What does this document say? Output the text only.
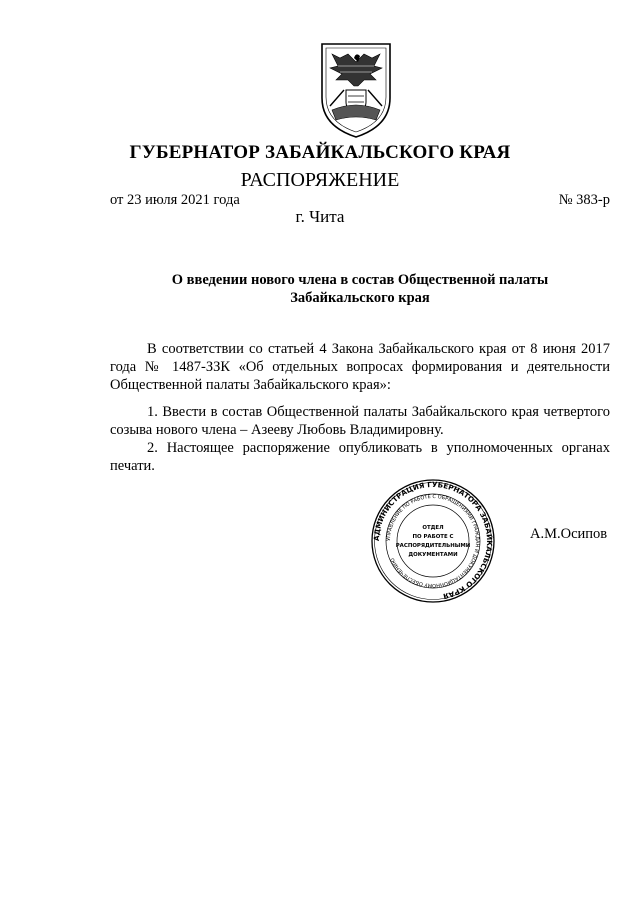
ГУБЕРНАТОР ЗАБАЙКАЛЬСКОГО КРАЯ
РАСПОРЯЖЕНИЕ
от 23 июля 2021 года	№ 383-р
г. Чита
О введении нового члена в состав Общественной палаты
Забайкальского края
В соответствии со статьей 4 Закона Забайкальского края от 8 июня 2017 года № 1487-ЗЗК «Об отдельных вопросах формирования и деятельности Общественной палаты Забайкальского края»:
1. Ввести в состав Общественной палаты Забайкальского края четвертого созыва нового члена – Азееву Любовь Владимировну.
2. Настоящее распоряжение опубликовать в уполномоченных органах печати.
АДМИНИСТРАЦИЯ ГУБЕРНАТОРА ЗАБАЙКАЛЬСКОГО КРАЯ
УПРАВЛЕНИЕ ПО РАБОТЕ С ОБРАЩЕНИЯМИ ГРАЖДАН И ДОКУМЕНТАЦИОННОМУ ОБЕСПЕЧЕНИЮ
ОТДЕЛ
ПО РАБОТЕ С
РАСПОРЯДИТЕЛЬНЫМИ
ДОКУМЕНТАМИ
А.М.Осипов
